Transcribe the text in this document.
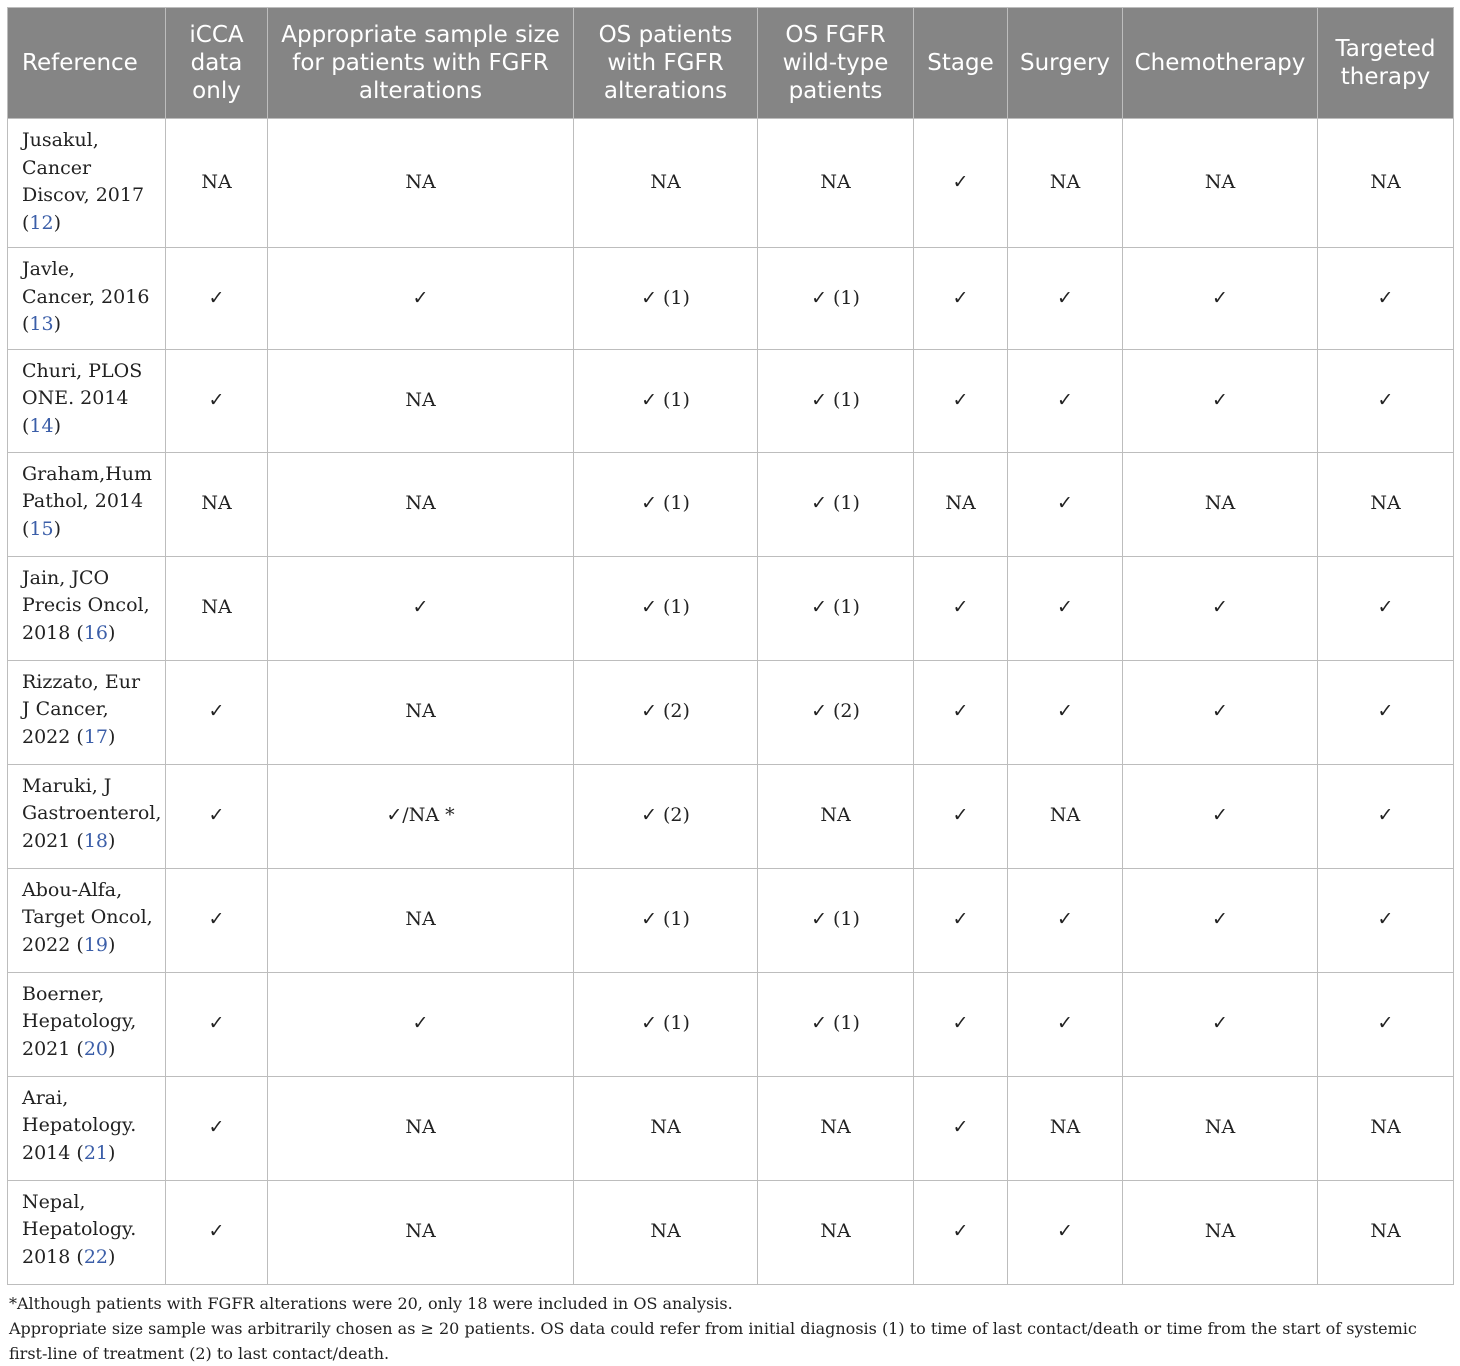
Reference	iCCA data only	Appropriate sample size for patients with FGFR alterations	OS patients with FGFR alterations	OS FGFR wild-type patients	Stage	Surgery	Chemotherapy	Targeted therapy

Jusakul, Cancer Discov, 2017 (12)	NA	NA	NA	NA	✓	NA	NA	NA

Javle, Cancer, 2016 (13)	✓	✓	✓ (1)	✓ (1)	✓	✓	✓	✓

Churi, PLOS ONE. 2014 (14)	✓	NA	✓ (1)	✓ (1)	✓	✓	✓	✓

Graham,Hum Pathol, 2014 (15)	NA	NA	✓ (1)	✓ (1)	NA	✓	NA	NA

Jain, JCO Precis Oncol, 2018 (16)	NA	✓	✓ (1)	✓ (1)	✓	✓	✓	✓

Rizzato, Eur J Cancer, 2022 (17)	✓	NA	✓ (2)	✓ (2)	✓	✓	✓	✓

Maruki, J Gastroenterol, 2021 (18)	✓	✓/NA *	✓ (2)	NA	✓	NA	✓	✓

Abou-Alfa, Target Oncol, 2022 (19)	✓	NA	✓ (1)	✓ (1)	✓	✓	✓	✓

Boerner, Hepatology, 2021 (20)	✓	✓	✓ (1)	✓ (1)	✓	✓	✓	✓

Arai, Hepatology. 2014 (21)	✓	NA	NA	NA	✓	NA	NA	NA

Nepal, Hepatology. 2018 (22)	✓	NA	NA	NA	✓	✓	NA	NA

*Although patients with FGFR alterations were 20, only 18 were included in OS analysis.

Appropriate size sample was arbitrarily chosen as ≥ 20 patients. OS data could refer from initial diagnosis (1) to time of last contact/death or time from the start of systemic first-line of treatment (2) to last contact/death.
